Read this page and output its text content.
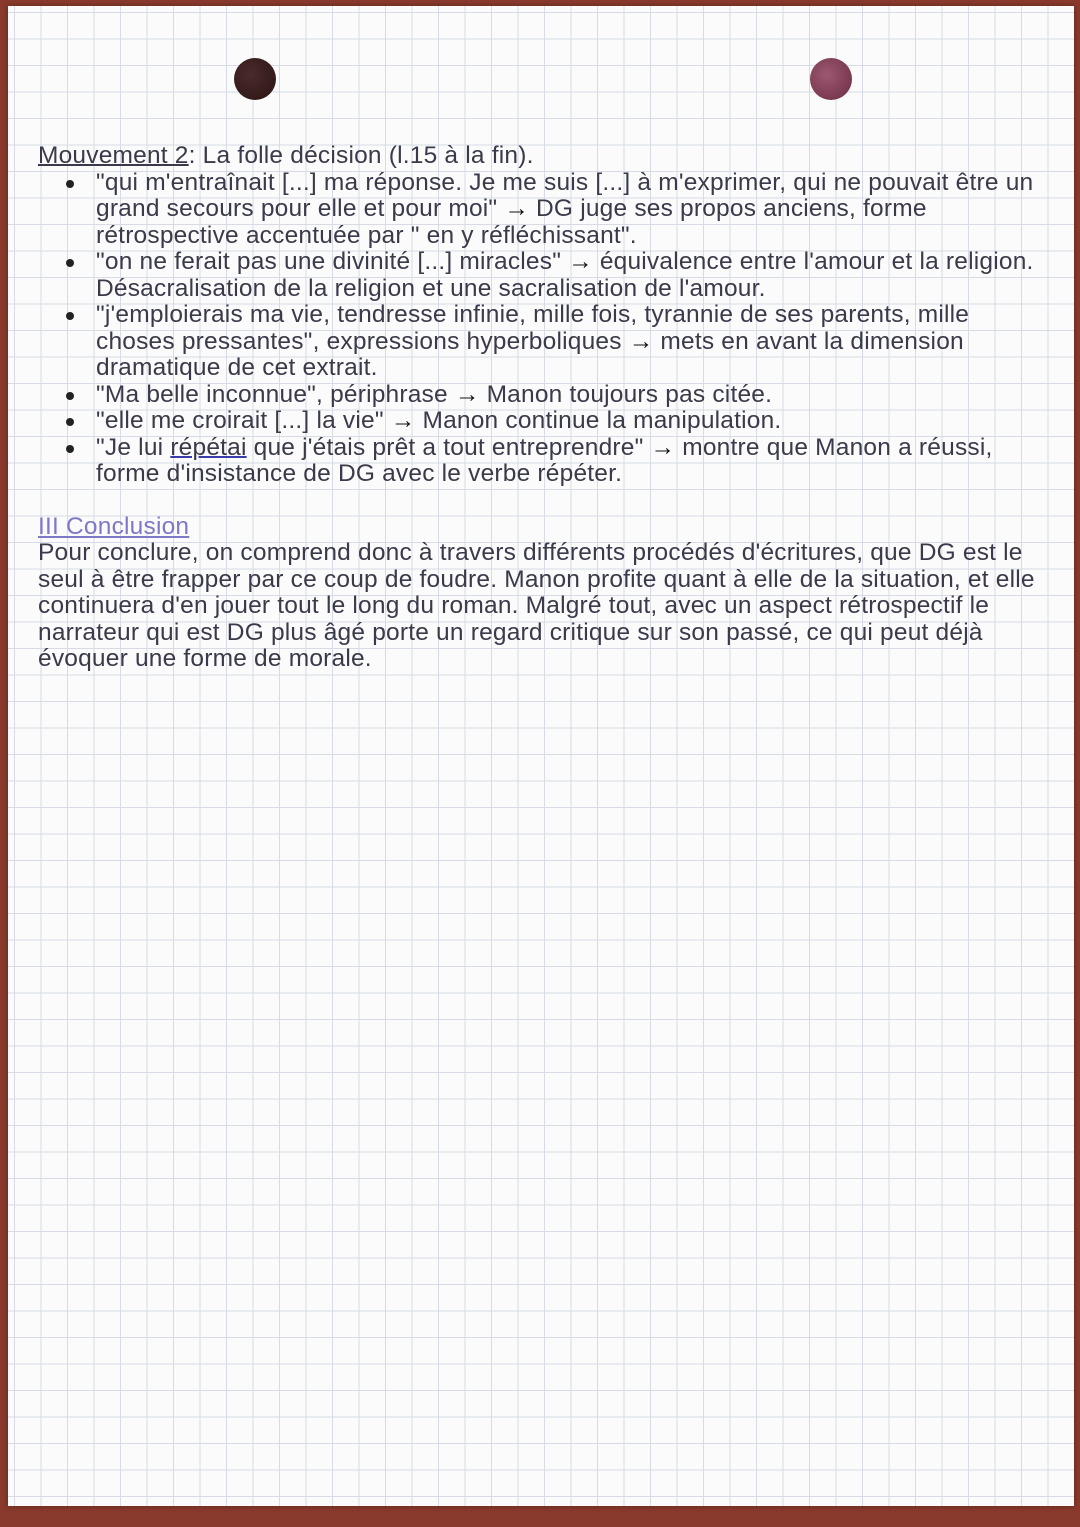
Mouvement 2: La folle décision (l.15 à la fin).
"qui m'entraînait [...] ma réponse. Je me suis [...] à m'exprimer, qui ne pouvait être un grand secours pour elle et pour moi" → DG juge ses propos anciens, forme rétrospective accentuée par " en y réfléchissant".
"on ne ferait pas une divinité [...] miracles" → équivalence entre l'amour et la religion. Désacralisation de la religion et une sacralisation de l'amour.
"j'emploierais ma vie, tendresse infinie, mille fois, tyrannie de ses parents, mille choses pressantes", expressions hyperboliques → mets en avant la dimension dramatique de cet extrait.
"Ma belle inconnue", périphrase → Manon toujours pas citée.
"elle me croirait [...] la vie" → Manon continue la manipulation.
"Je lui répétai que j'étais prêt a tout entreprendre" → montre que Manon a réussi, forme d'insistance de DG avec le verbe répéter.
III Conclusion

Pour conclure, on comprend donc à travers différents procédés d'écritures, que DG est le seul à être frapper par ce coup de foudre. Manon profite quant à elle de la situation, et elle continuera d'en jouer tout le long du roman. Malgré tout, avec un aspect rétrospectif le narrateur qui est DG plus âgé porte un regard critique sur son passé, ce qui peut déjà évoquer une forme de morale.
